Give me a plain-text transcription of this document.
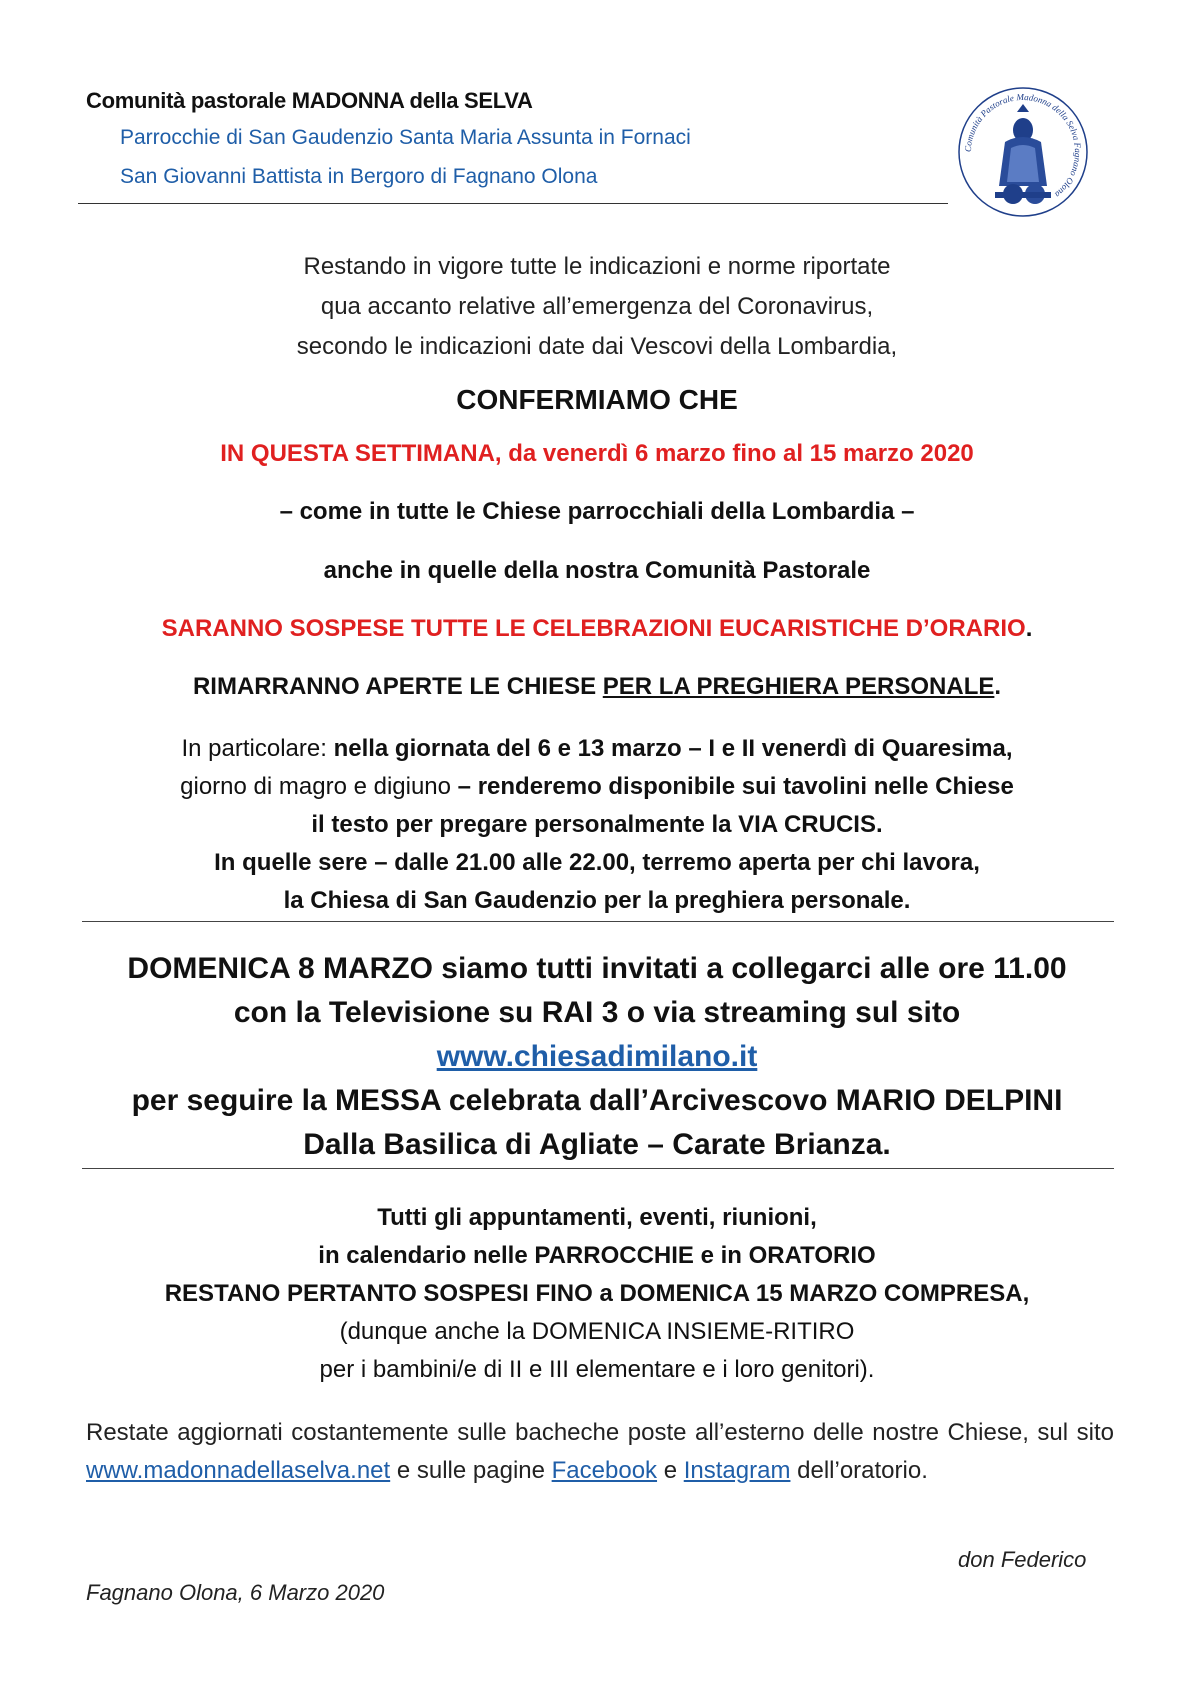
Comunità pastorale MADONNA della SELVA
Parrocchie di San Gaudenzio Santa Maria Assunta in Fornaci
San Giovanni Battista in Bergoro di Fagnano Olona
Comunità Pastorale Madonna della Selva Fagnano Olona
Restando in vigore tutte le indicazioni e norme riportate
qua accanto relative all’emergenza del Coronavirus,
secondo le indicazioni date dai Vescovi della Lombardia,
CONFERMIAMO CHE
IN QUESTA SETTIMANA, da venerdì 6 marzo fino al 15 marzo 2020
– come in tutte le Chiese parrocchiali della Lombardia –
anche in quelle della nostra Comunità Pastorale
SARANNO SOSPESE TUTTE LE CELEBRAZIONI EUCARISTICHE D’ORARIO.
RIMARRANNO APERTE LE CHIESE PER LA PREGHIERA PERSONALE.
In particolare: nella giornata del 6 e 13 marzo – I e II venerdì di Quaresima,
giorno di magro e digiuno – renderemo disponibile sui tavolini nelle Chiese
il testo per pregare personalmente la VIA CRUCIS.
In quelle sere – dalle 21.00 alle 22.00, terremo aperta per chi lavora,
la Chiesa di San Gaudenzio per la preghiera personale.
DOMENICA 8 MARZO siamo tutti invitati a collegarci alle ore 11.00
con la Televisione su RAI 3 o via streaming sul sito
www.chiesadimilano.it
per seguire la MESSA celebrata dall’Arcivescovo MARIO DELPINI
Dalla Basilica di Agliate – Carate Brianza.
Tutti gli appuntamenti, eventi, riunioni,
in calendario nelle PARROCCHIE e in ORATORIO
RESTANO PERTANTO SOSPESI FINO a DOMENICA 15 MARZO COMPRESA,
(dunque anche la DOMENICA INSIEME-RITIRO
per i bambini/e di II e III elementare e i loro genitori).
Restate aggiornati costantemente sulle bacheche poste all’esterno delle nostre Chiese, sul sito www.madonnadellaselva.net e sulle pagine Facebook e Instagram dell’oratorio.
don Federico
Fagnano Olona, 6 Marzo 2020
